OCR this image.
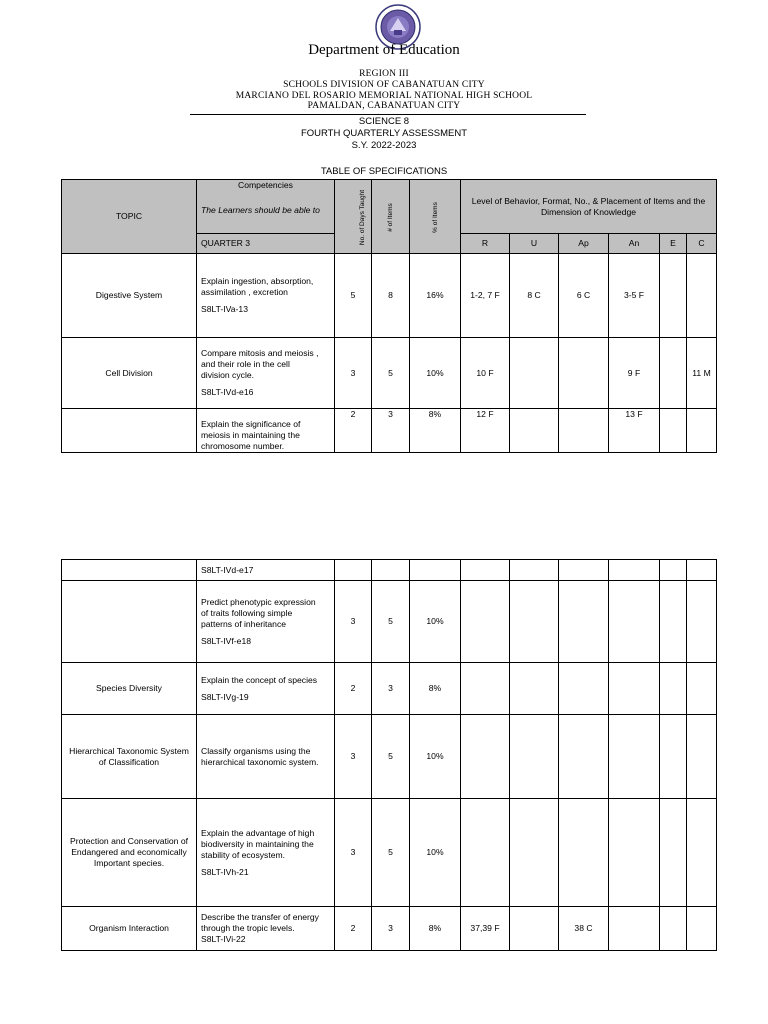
Department of Education
REGION III
SCHOOLS DIVISION OF CABANATUAN CITY
MARCIANO DEL ROSARIO MEMORIAL NATIONAL HIGH SCHOOL
PAMALDAN, CABANATUAN CITY
SCIENCE 8
FOURTH QUARTERLY ASSESSMENT
S.Y. 2022-2023
TABLE OF SPECIFICATIONS
TOPIC	Competencies
The Learners should be able to	No. of Days Taught	# of Items	% of Items	Level of Behavior, Format, No., & Placement of Items and the Dimension of Knowledge					
	QUARTER 3				R	U	Ap	An	E	C
Digestive System	Explain ingestion, absorption,
assimilation , excretion
S8LT-IVa-13	5	8	16%	1-2, 7 F	8 C	6 C	3-5 F		
Cell Division	Compare mitosis and meiosis ,
and their role in the cell
division cycle.
S8LT-IVd-e16	3	5	10%	10 F			9 F		11 M

	Explain the significance of
meiosis in maintaining the
chromosome number.	2	3	8%	12 F			13 F		

	S8LT-IVd-e17									

	Predict phenotypic expression
of traits following simple
patterns of inheritance
S8LT-IVf-e18	3	5	10%						
Species Diversity	Explain the concept of species
S8LT-IVg-19	2	3	8%						
Hierarchical Taxonomic System of Classification	Classify organisms using the
hierarchical taxonomic system.	3	5	10%						
Protection and Conservation of Endangered and economically Important species.	Explain the advantage of high
biodiversity in maintaining the
stability of ecosystem.
S8LT-IVh-21	3	5	10%						
Organism Interaction	Describe the transfer of energy
through the tropic levels.
S8LT-IVi-22	2	3	8%	37,39 F		38 C			
